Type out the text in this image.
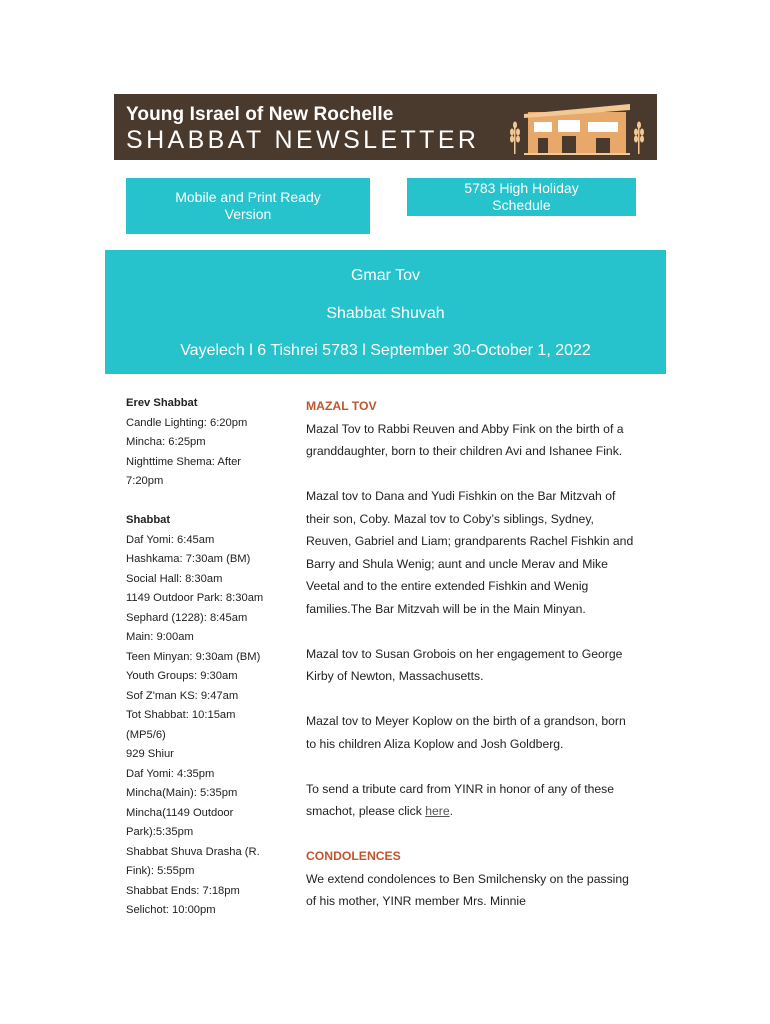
Young Israel of New Rochelle
SHABBAT NEWSLETTER
Mobile and Print Ready Version
5783 High Holiday Schedule
Gmar Tov
Shabbat Shuvah
Vayelech l 6 Tishrei 5783 l September 30-October 1, 2022
Erev Shabbat
Candle Lighting: 6:20pm
Mincha: 6:25pm
Nighttime Shema: After
7:20pm
Shabbat
Daf Yomi: 6:45am
Hashkama: 7:30am (BM)
Social Hall: 8:30am
1149 Outdoor Park: 8:30am
Sephard (1228): 8:45am
Main: 9:00am
Teen Minyan: 9:30am (BM)
Youth Groups: 9:30am
Sof Z'man KS: 9:47am
Tot Shabbat: 10:15am
(MP5/6)
929 Shiur
Daf Yomi: 4:35pm
Mincha(Main): 5:35pm
Mincha(1149 Outdoor
Park):5:35pm
Shabbat Shuva Drasha (R.
Fink): 5:55pm
Shabbat Ends: 7:18pm
Selichot: 10:00pm
MAZAL TOV

Mazal Tov to Rabbi Reuven and Abby Fink on the birth of a
granddaughter, born to their children Avi and Ishanee Fink.

Mazal tov to Dana and Yudi Fishkin on the Bar Mitzvah of
their son, Coby. Mazal tov to Coby’s siblings, Sydney,
Reuven, Gabriel and Liam; grandparents Rachel Fishkin and
Barry and Shula Wenig; aunt and uncle Merav and Mike
Veetal and to the entire extended Fishkin and Wenig
families.The Bar Mitzvah will be in the Main Minyan.

Mazal tov to Susan Grobois on her engagement to George
Kirby of Newton, Massachusetts.

Mazal tov to Meyer Koplow on the birth of a grandson, born
to his children Aliza Koplow and Josh Goldberg.

To send a tribute card from YINR in honor of any of these
smachot, please click here.

CONDOLENCES

We extend condolences to Ben Smilchensky on the passing
of his mother, YINR member Mrs. Minnie
